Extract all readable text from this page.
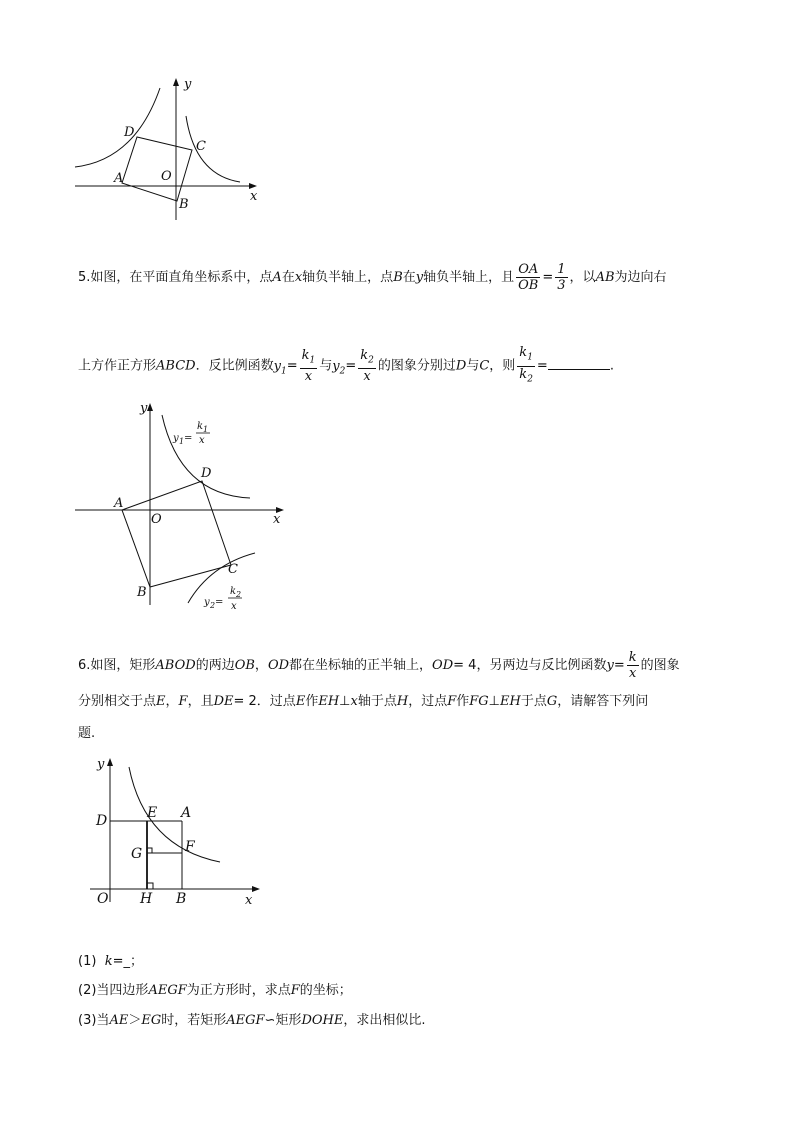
y
x
D
C
A	O
B
5.如图，在平面直角坐标系中，点A在x轴负半轴上，点B在y轴负半轴上，且 $\frac{OA}{OB} = \frac{1}{3}$ ，以AB为边向右
上方作正方形ABCD．反比例函数$y_1= \frac{k_1}{x}$ 与$y_2= \frac{k_2}{x}$ 的图象分别过D与C，则 $\frac{k_1}{k_2}$ =	.
y
x
D
A
O
C
B
y 1 =
k 1
x
y 2 =
k 2
x
6.如图，矩形ABOD的两边OB，OD都在坐标轴的正半轴上，OD= 4，另两边与反比例函数$y= \frac{k}{x}$ 的图象
分别相交于点E，F，且DE= 2．过点E作EH⊥x轴于点H，过点F作FG⊥EH于点G，请解答下列问
题.
y
D	E A
G	F
O H B	x
(1) k=_；
(2)当四边形AEGF为正方形时，求点F的坐标；
(3)当AE＞EG时，若矩形AEGF∽矩形DOHE，求出相似比.
